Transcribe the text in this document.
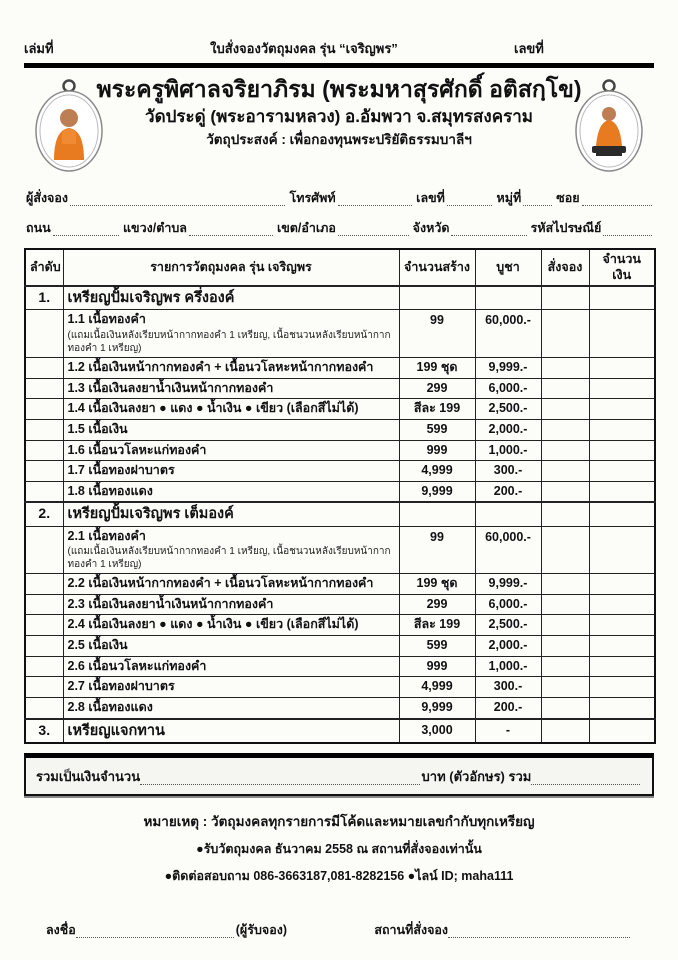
เล่มที่	ใบสั่งจองวัตถุมงคล รุ่น “เจริญพร”	เลขที่
พระครูพิศาลจริยาภิรม (พระมหาสุรศักดิ์ อติสกฺโข)
วัดประดู่ (พระอารามหลวง) อ.อัมพวา จ.สมุทรสงคราม
วัตถุประสงค์ : เพื่อกองทุนพระปริยัติธรรมบาลีฯ
ผู้สั่งจอง	โทรศัพท์	เลขที่	หมู่ที่	ซอย
ถนน	แขวง/ตำบล	เขต/อำเภอ	จังหวัด	รหัสไปรษณีย์
ลำดับ	รายการวัตถุมงคล รุ่น เจริญพร	จำนวนสร้าง	บูชา	สั่งจอง	จำนวนเงิน
1.	เหรียญปั้มเจริญพร ครึ่งองค์				

	1.1 เนื้อทองคำ
(แถมเนื้อเงินหลังเรียบหน้ากากทองคำ 1 เหรียญ, เนื้อชนวนหลังเรียบหน้ากากทองคำ 1 เหรียญ)	99	60,000.-		

	1.2 เนื้อเงินหน้ากากทองคำ + เนื้อนวโลหะหน้ากากทองคำ	199 ชุด	9,999.-		

	1.3 เนื้อเงินลงยาน้ำเงินหน้ากากทองคำ	299	6,000.-		

	1.4 เนื้อเงินลงยา ● แดง ● น้ำเงิน ● เขียว (เลือกสีไม่ได้)	สีละ 199	2,500.-		

	1.5 เนื้อเงิน	599	2,000.-		

	1.6 เนื้อนวโลหะแก่ทองคำ	999	1,000.-		

	1.7 เนื้อทองฝาบาตร	4,999	300.-		

	1.8 เนื้อทองแดง	9,999	200.-		
2.	เหรียญปั้มเจริญพร เต็มองค์				

	2.1 เนื้อทองคำ
(แถมเนื้อเงินหลังเรียบหน้ากากทองคำ 1 เหรียญ, เนื้อชนวนหลังเรียบหน้ากากทองคำ 1 เหรียญ)	99	60,000.-		

	2.2 เนื้อเงินหน้ากากทองคำ + เนื้อนวโลหะหน้ากากทองคำ	199 ชุด	9,999.-		

	2.3 เนื้อเงินลงยาน้ำเงินหน้ากากทองคำ	299	6,000.-		

	2.4 เนื้อเงินลงยา ● แดง ● น้ำเงิน ● เขียว (เลือกสีไม่ได้)	สีละ 199	2,500.-		

	2.5 เนื้อเงิน	599	2,000.-		

	2.6 เนื้อนวโลหะแก่ทองคำ	999	1,000.-		

	2.7 เนื้อทองฝาบาตร	4,999	300.-		

	2.8 เนื้อทองแดง	9,999	200.-		
3.	เหรียญแจกทาน	3,000	-		
รวมเป็นเงินจำนวน	บาท (ตัวอักษร) รวม
หมายเหตุ : วัตถุมงคลทุกรายการมีโค้ดและหมายเลขกำกับทุกเหรียญ
●รับวัตถุมงคล ธันวาคม 2558 ณ สถานที่สั่งจองเท่านั้น
●ติดต่อสอบถาม 086-3663187,081-8282156 ●ไลน์ ID; maha111
ลงชื่อ	(ผู้รับจอง)	สถานที่สั่งจอง
